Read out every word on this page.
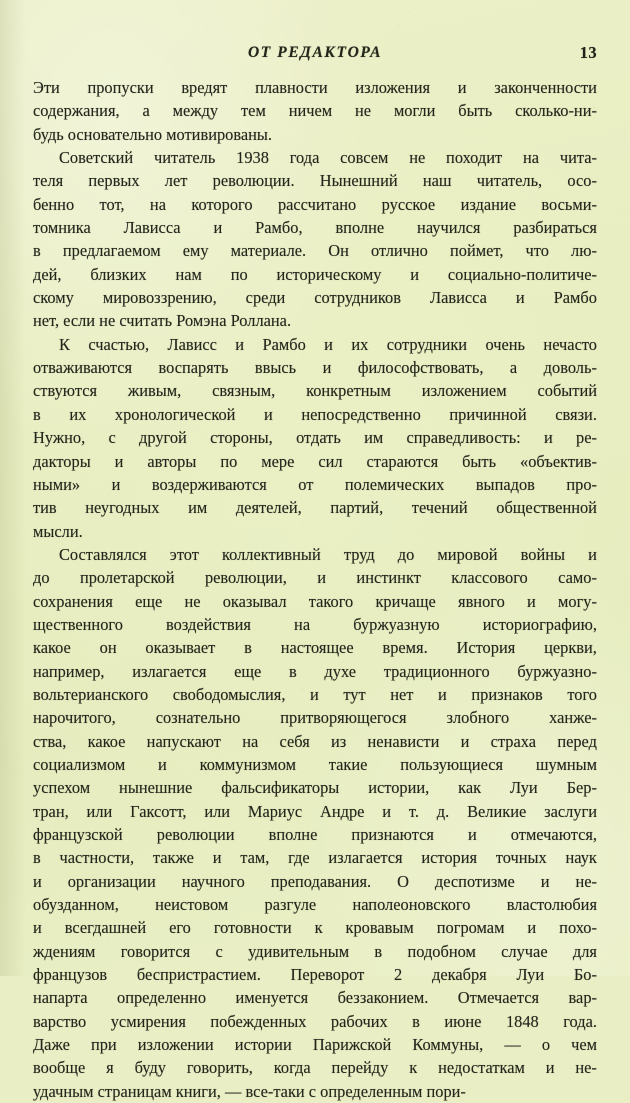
ОТ РЕДАКТОРА	13
Эти пропуски вредят плавности изложения и законченности
содержания, а между тем ничем не могли быть сколько-ни-
будь основательно мотивированы.
Советский читатель 1938 года совсем не походит на чита-
теля первых лет революции. Нынешний наш читатель, осо-
бенно тот, на которого рассчитано русское издание восьми-
томника Лависса и Рамбо, вполне научился разбираться
в предлагаемом ему материале. Он отлично поймет, что лю-
дей, близких нам по историческому и социально-политиче-
скому мировоззрению, среди сотрудников Лависса и Рамбо
нет, если не считать Ромэна Роллана.
К счастью, Лависс и Рамбо и их сотрудники очень нечасто
отваживаются воспарять ввысь и философствовать, а доволь-
ствуются живым, связным, конкретным изложением событий
в их хронологической и непосредственно причинной связи.
Нужно, с другой стороны, отдать им справедливость: и ре-
дакторы и авторы по мере сил стараются быть «объектив-
ными» и воздерживаются от полемических выпадов про-
тив неугодных им деятелей, партий, течений общественной
мысли.
Составлялся этот коллективный труд до мировой войны и
до пролетарской революции, и инстинкт классового само-
сохранения еще не оказывал такого кричаще явного и могу-
щественного	воздействия	на	буржуазную	историографию,
какое он оказывает в настоящее время. История церкви,
например, излагается еще в духе традиционного буржуазно-
вольтерианского свободомыслия, и тут нет и признаков того
нарочитого, сознательно притворяющегося злобного ханже-
ства, какое напускают на себя из ненависти и страха перед
социализмом и коммунизмом такие пользующиеся шумным
успехом нынешние фальсификаторы истории, как Луи Бер-
тран, или Гаксотт, или Мариус Андре и т. д. Великие заслуги
французской революции вполне признаются и отмечаются,
в частности, также и там, где излагается история точных наук
и организации научного преподавания. О деспотизме и не-
обузданном, неистовом разгуле наполеоновского властолюбия
и всегдашней его готовности к кровавым погромам и похо-
ждениям говорится с удивительным в подобном случае для
французов беспристрастием. Переворот 2 декабря Луи Бо-
напарта определенно именуется беззаконием. Отмечается вар-
варство усмирения побежденных рабочих в июне 1848 года.
Даже при изложении истории Парижской Коммуны, — о чем
вообще я буду говорить, когда перейду к недостаткам и не-
удачным страницам книги, — все-таки с определенным пори-
